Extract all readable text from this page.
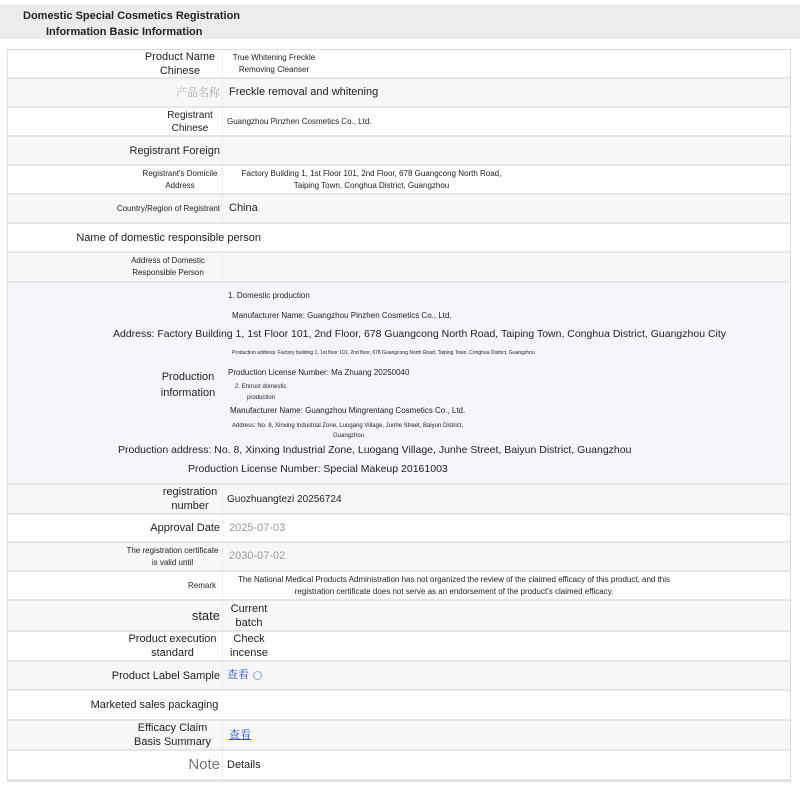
Domestic Special Cosmetics Registration
Information Basic Information
Product Name Chinese
True Whitening Freckle Removing Cleanser
产品名称 Freckle removal and whitening
Registrant Chinese
Guangzhou Pinzhen Cosmetics Co., Ltd.
Registrant Foreign
Registrant's Domicile Address
Factory Building 1, 1st Floor 101, 2nd Floor, 678 Guangcong North Road, Taiping Town, Conghua District, Guangzhou
Country/Region of Registrant China
Name of domestic responsible person
Address of Domestic Responsible Person
Production information
1. Domestic production
Manufacturer Name: Guangzhou Pinzhen Cosmetics Co., Ltd.
Address: Factory Building 1, 1st Floor 101, 2nd Floor, 678 Guangcong North Road, Taiping Town, Conghua District, Guangzhou City
Production address: Factory building 1, 1st floor 101, 2nd floor, 678 Guangcong North Road, Taiping Town, Conghua District, Guangzhou
Production License Number: Ma Zhuang 20250040
2. Entrust domestic
production
Manufacturer Name: Guangzhou Mingrentang Cosmetics Co., Ltd.
Address: No. 8, Xinxing Industrial Zone, Luogang Village, Junhe Street, Baiyun District,
Guangzhou
Production address: No. 8, Xinxing Industrial Zone, Luogang Village, Junhe Street, Baiyun District, Guangzhou
Production License Number: Special Makeup 20161003
registration number
Guozhuangtezi 20256724
Approval Date 2025-07-03
The registration certificate is valid until	2030-07-02
Remark
The National Medical Products Administration has not organized the review of the claimed efficacy of this product, and this registration certificate does not serve as an endorsement of the product's claimed efficacy.
state Current batch
Product execution standard
Check incense
Product Label Sample 查看
Marketed sales packaging
Efficacy Claim Basis Summary
查看
Note Details
